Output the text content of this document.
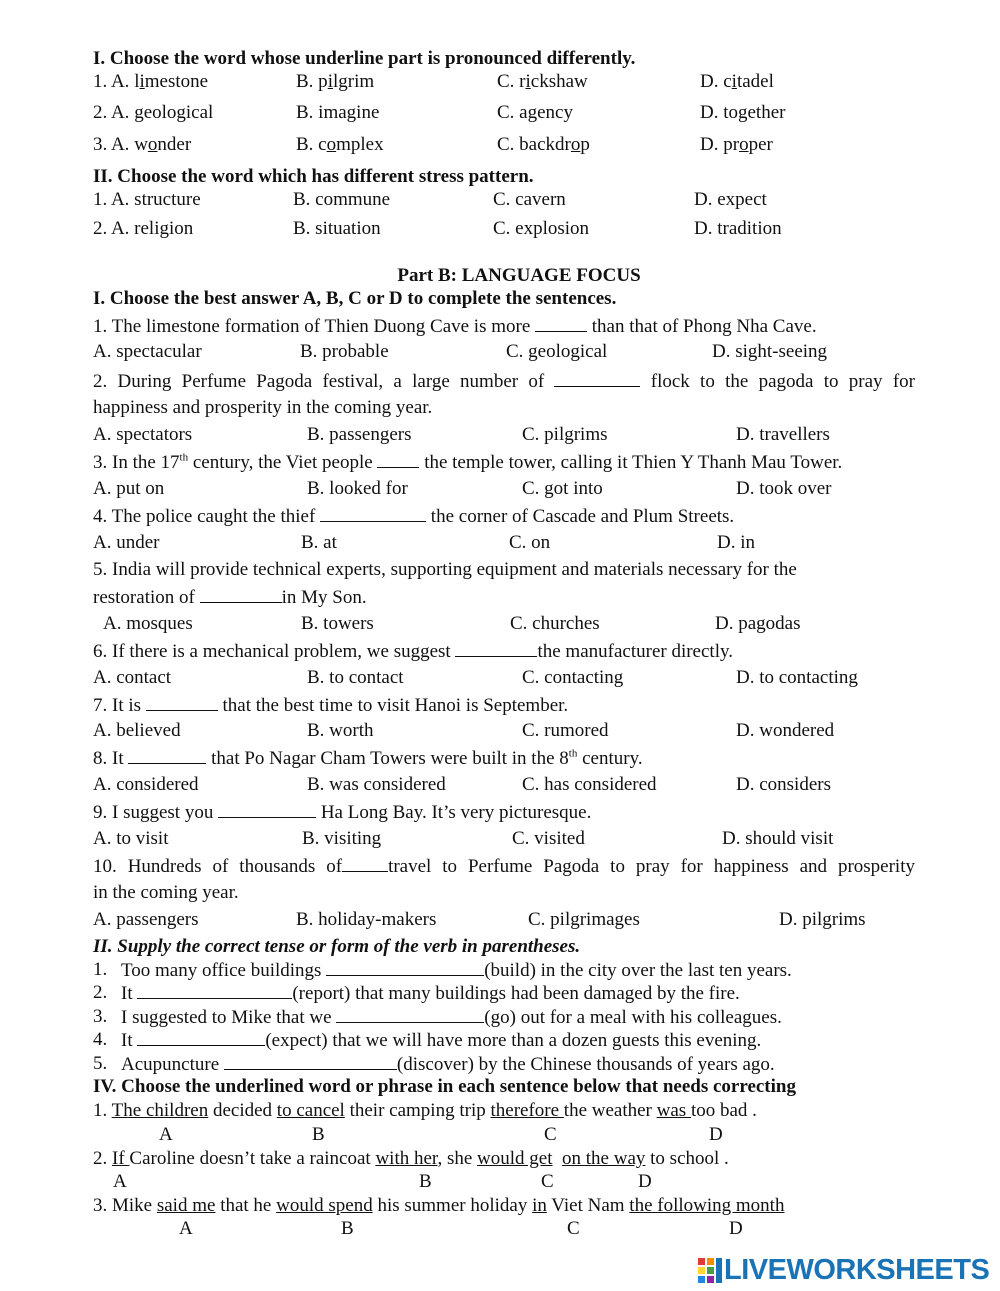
I. Choose the word whose underline part is pronounced differently.
1. A. limestone	B. pilgrim	C. rickshaw	D. citadel
2. A. geological	B. imagine	C. agency	D. together
3. A. wonder	B. complex	C. backdrop	D. proper
II. Choose the word which has different stress pattern.
1. A. structure	B. commune	C. cavern	D. expect
2. A. religion	B. situation	C. explosion	D. tradition
Part B: LANGUAGE FOCUS
I. Choose the best answer A, B, C or D to complete the sentences.
1. The limestone formation of Thien Duong Cave is more	than that of Phong Nha Cave.
A. spectacular	B. probable	C. geological	D. sight-seeing
2. During Perfume Pagoda festival, a large number of	flock to the pagoda to pray for
happiness and prosperity in the coming year.
A. spectators	B. passengers	C. pilgrims	D. travellers
3. In the 17th century, the Viet people  the temple tower, calling it Thien Y Thanh Mau Tower.
A. put on	B. looked for	C. got into	D. took over
4. The police caught the thief	the corner of Cascade and Plum Streets.
A. under	B. at	C. on	D. in
5. India will provide technical experts, supporting equipment and materials necessary for the
restoration of	in My Son.
A. mosques	B. towers	C. churches	D. pagodas
6. If there is a mechanical problem, we suggest	the manufacturer directly.
A. contact	B. to contact	C. contacting	D. to contacting
7. It is	that the best time to visit Hanoi is September.
A. believed	B. worth	C. rumored	D. wondered
8. It	that Po Nagar Cham Towers were built in the 8th century.
A. considered	B. was considered	C. has considered	D. considers
9. I suggest you	Ha Long Bay. It’s very picturesque.
A. to visit	B. visiting	C. visited	D. should visit
10. Hundreds of thousands of travel to Perfume Pagoda to pray for happiness and prosperity
in the coming year.
A. passengers	B. holiday-makers	C. pilgrimages	D. pilgrims
II. Supply the correct tense or form of the verb in parentheses.
1. Too many office buildings	(build) in the city over the last ten years.
2. It	(report) that many buildings had been damaged by the fire.
3. I suggested to Mike that we	(go) out for a meal with his colleagues.
4. It	(expect) that we will have more than a dozen guests this evening.
5. Acupuncture	(discover) by the Chinese thousands of years ago.
IV. Choose the underlined word or phrase in each sentence below that needs correcting
1. The children decided to cancel their camping trip therefore the weather was too bad .
A	B	C	D
2. If Caroline doesn’t take a raincoat with her, she would get on the way to school .
A	B	C	D
3. Mike said me that he would spend his summer holiday in Viet Nam the following month
A	B	C	D
LIVEWORKSHEETS
